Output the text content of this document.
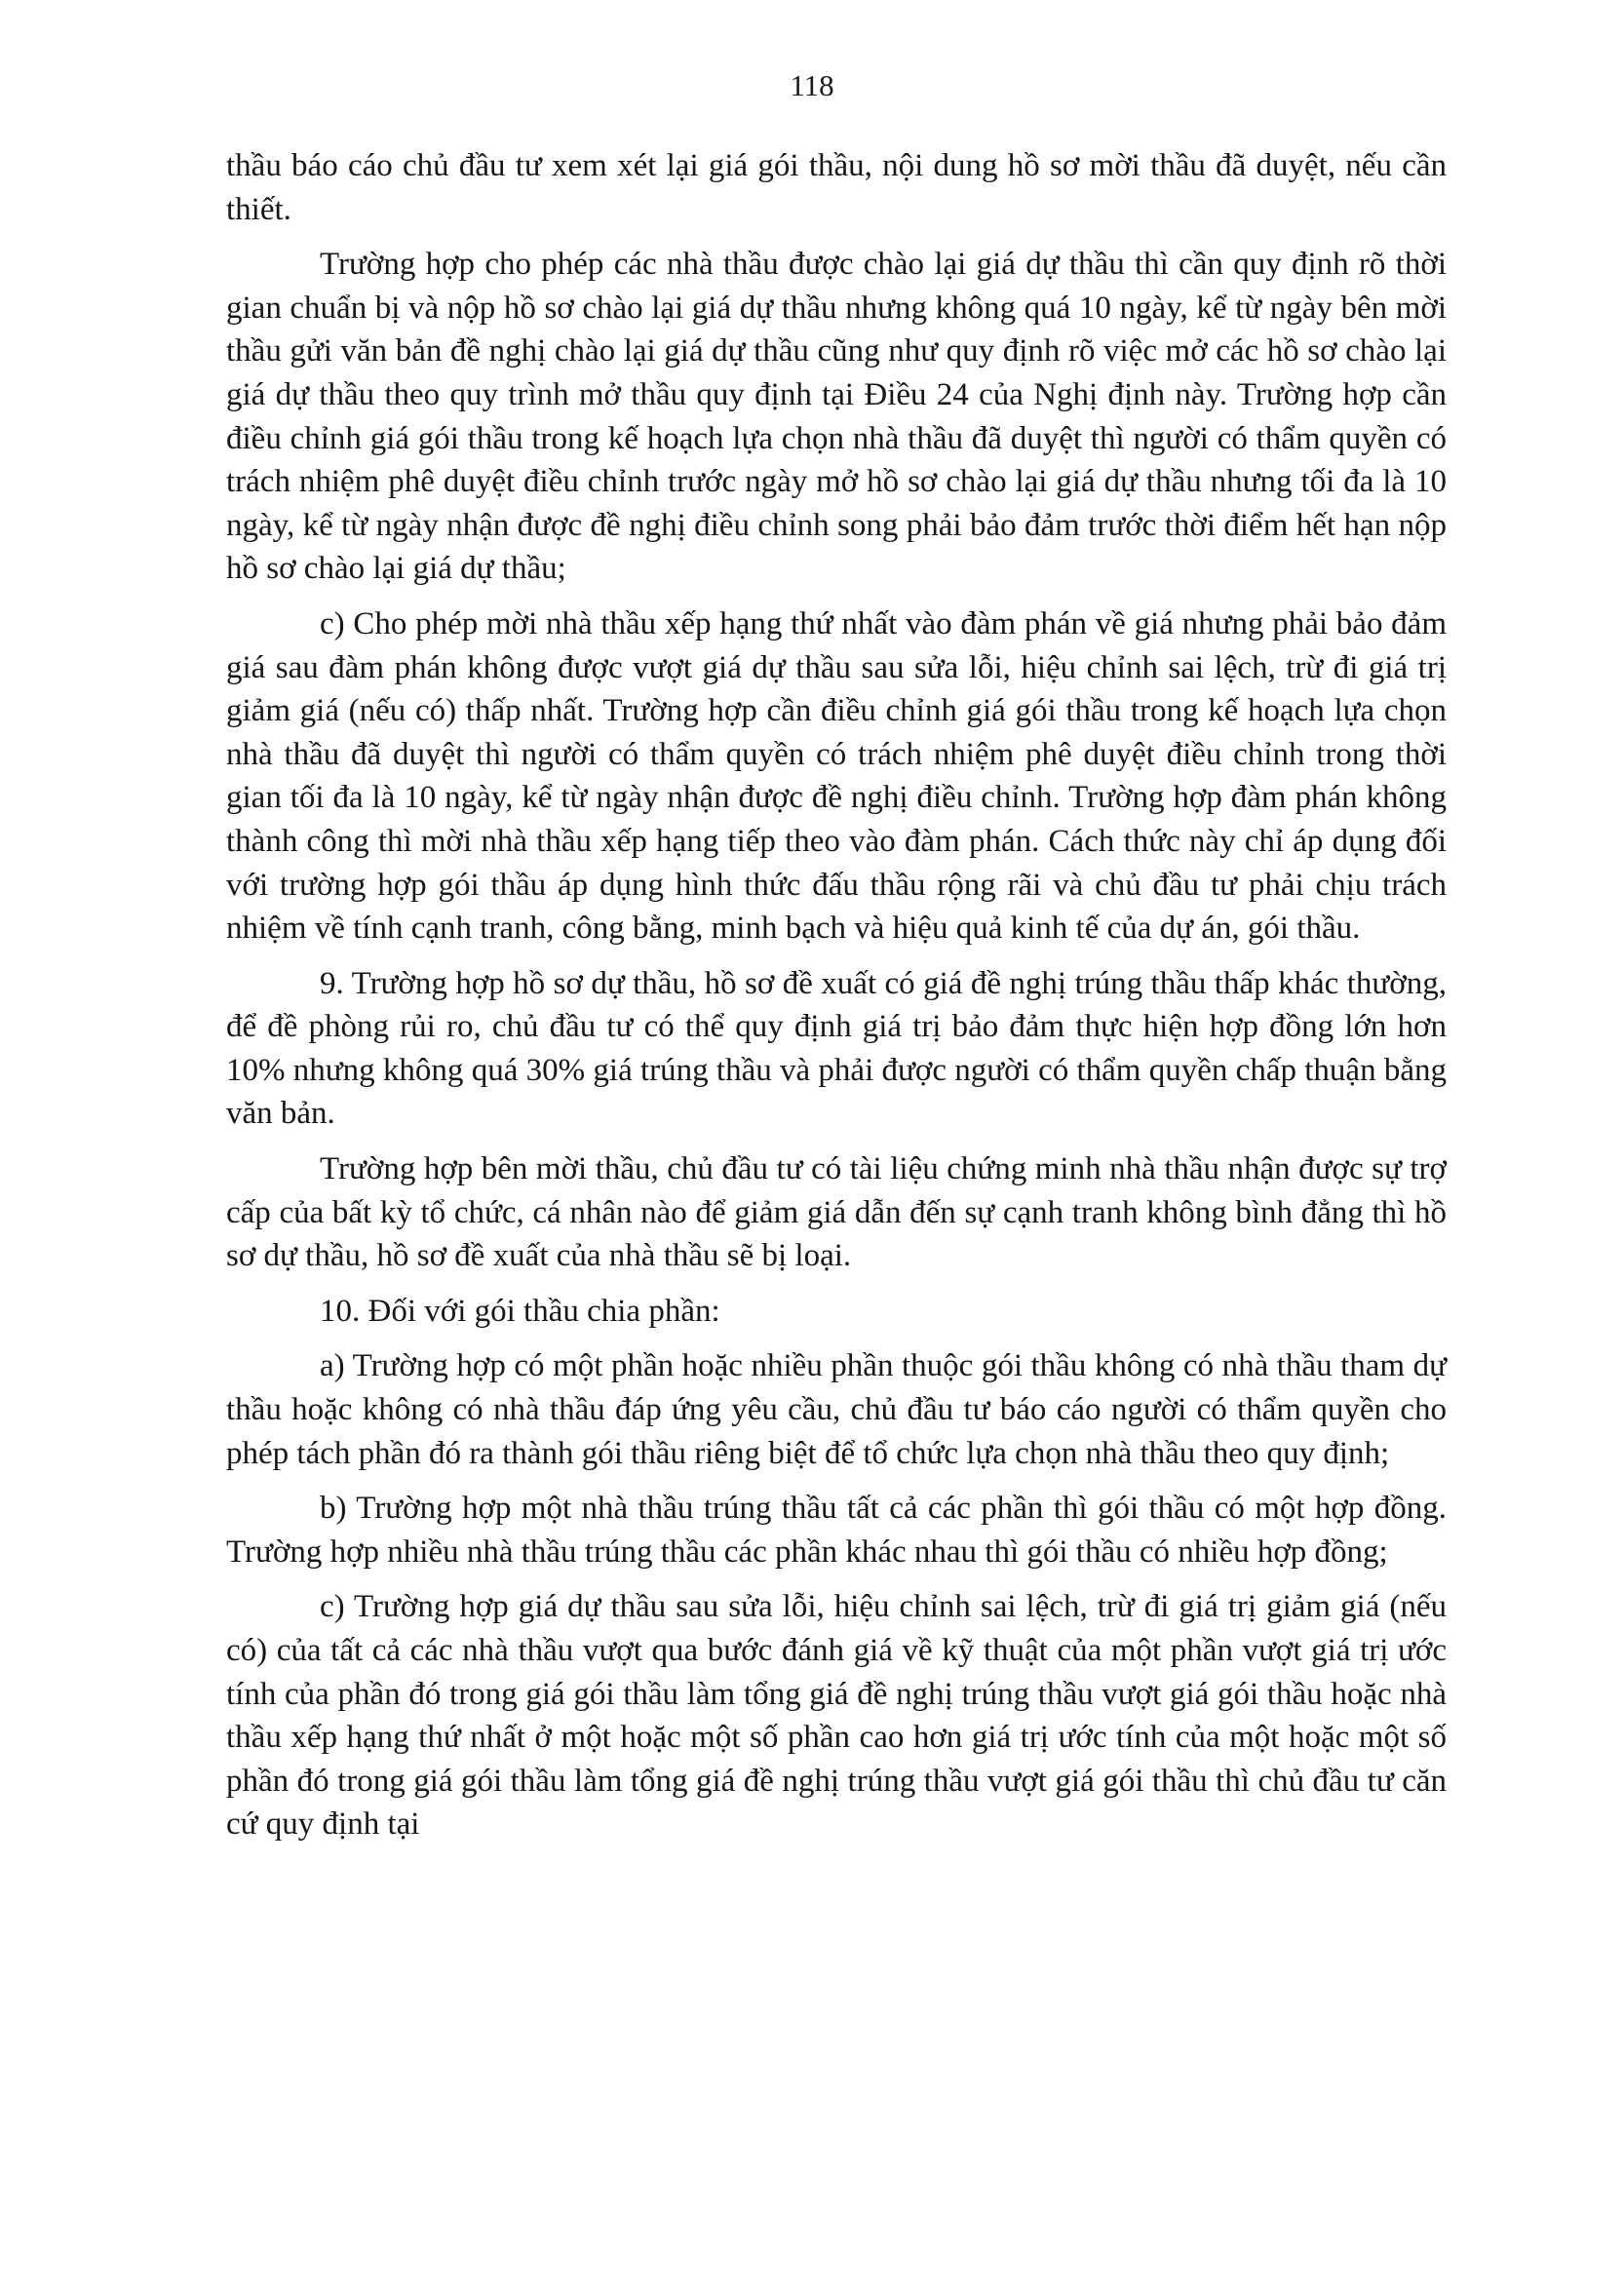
118

thầu báo cáo chủ đầu tư xem xét lại giá gói thầu, nội dung hồ sơ mời thầu đã duyệt, nếu cần thiết.

Trường hợp cho phép các nhà thầu được chào lại giá dự thầu thì cần quy định rõ thời gian chuẩn bị và nộp hồ sơ chào lại giá dự thầu nhưng không quá 10 ngày, kể từ ngày bên mời thầu gửi văn bản đề nghị chào lại giá dự thầu cũng như quy định rõ việc mở các hồ sơ chào lại giá dự thầu theo quy trình mở thầu quy định tại Điều 24 của Nghị định này. Trường hợp cần điều chỉnh giá gói thầu trong kế hoạch lựa chọn nhà thầu đã duyệt thì người có thẩm quyền có trách nhiệm phê duyệt điều chỉnh trước ngày mở hồ sơ chào lại giá dự thầu nhưng tối đa là 10 ngày, kể từ ngày nhận được đề nghị điều chỉnh song phải bảo đảm trước thời điểm hết hạn nộp hồ sơ chào lại giá dự thầu;

c) Cho phép mời nhà thầu xếp hạng thứ nhất vào đàm phán về giá nhưng phải bảo đảm giá sau đàm phán không được vượt giá dự thầu sau sửa lỗi, hiệu chỉnh sai lệch, trừ đi giá trị giảm giá (nếu có) thấp nhất. Trường hợp cần điều chỉnh giá gói thầu trong kế hoạch lựa chọn nhà thầu đã duyệt thì người có thẩm quyền có trách nhiệm phê duyệt điều chỉnh trong thời gian tối đa là 10 ngày, kể từ ngày nhận được đề nghị điều chỉnh. Trường hợp đàm phán không thành công thì mời nhà thầu xếp hạng tiếp theo vào đàm phán. Cách thức này chỉ áp dụng đối với trường hợp gói thầu áp dụng hình thức đấu thầu rộng rãi và chủ đầu tư phải chịu trách nhiệm về tính cạnh tranh, công bằng, minh bạch và hiệu quả kinh tế của dự án, gói thầu.

9. Trường hợp hồ sơ dự thầu, hồ sơ đề xuất có giá đề nghị trúng thầu thấp khác thường, để đề phòng rủi ro, chủ đầu tư có thể quy định giá trị bảo đảm thực hiện hợp đồng lớn hơn 10% nhưng không quá 30% giá trúng thầu và phải được người có thẩm quyền chấp thuận bằng văn bản.

Trường hợp bên mời thầu, chủ đầu tư có tài liệu chứng minh nhà thầu nhận được sự trợ cấp của bất kỳ tổ chức, cá nhân nào để giảm giá dẫn đến sự cạnh tranh không bình đẳng thì hồ sơ dự thầu, hồ sơ đề xuất của nhà thầu sẽ bị loại.

10. Đối với gói thầu chia phần:

a) Trường hợp có một phần hoặc nhiều phần thuộc gói thầu không có nhà thầu tham dự thầu hoặc không có nhà thầu đáp ứng yêu cầu, chủ đầu tư báo cáo người có thẩm quyền cho phép tách phần đó ra thành gói thầu riêng biệt để tổ chức lựa chọn nhà thầu theo quy định;

b) Trường hợp một nhà thầu trúng thầu tất cả các phần thì gói thầu có một hợp đồng. Trường hợp nhiều nhà thầu trúng thầu các phần khác nhau thì gói thầu có nhiều hợp đồng;

c) Trường hợp giá dự thầu sau sửa lỗi, hiệu chỉnh sai lệch, trừ đi giá trị giảm giá (nếu có) của tất cả các nhà thầu vượt qua bước đánh giá về kỹ thuật của một phần vượt giá trị ước tính của phần đó trong giá gói thầu làm tổng giá đề nghị trúng thầu vượt giá gói thầu hoặc nhà thầu xếp hạng thứ nhất ở một hoặc một số phần cao hơn giá trị ước tính của một hoặc một số phần đó trong giá gói thầu làm tổng giá đề nghị trúng thầu vượt giá gói thầu thì chủ đầu tư căn cứ quy định tại
